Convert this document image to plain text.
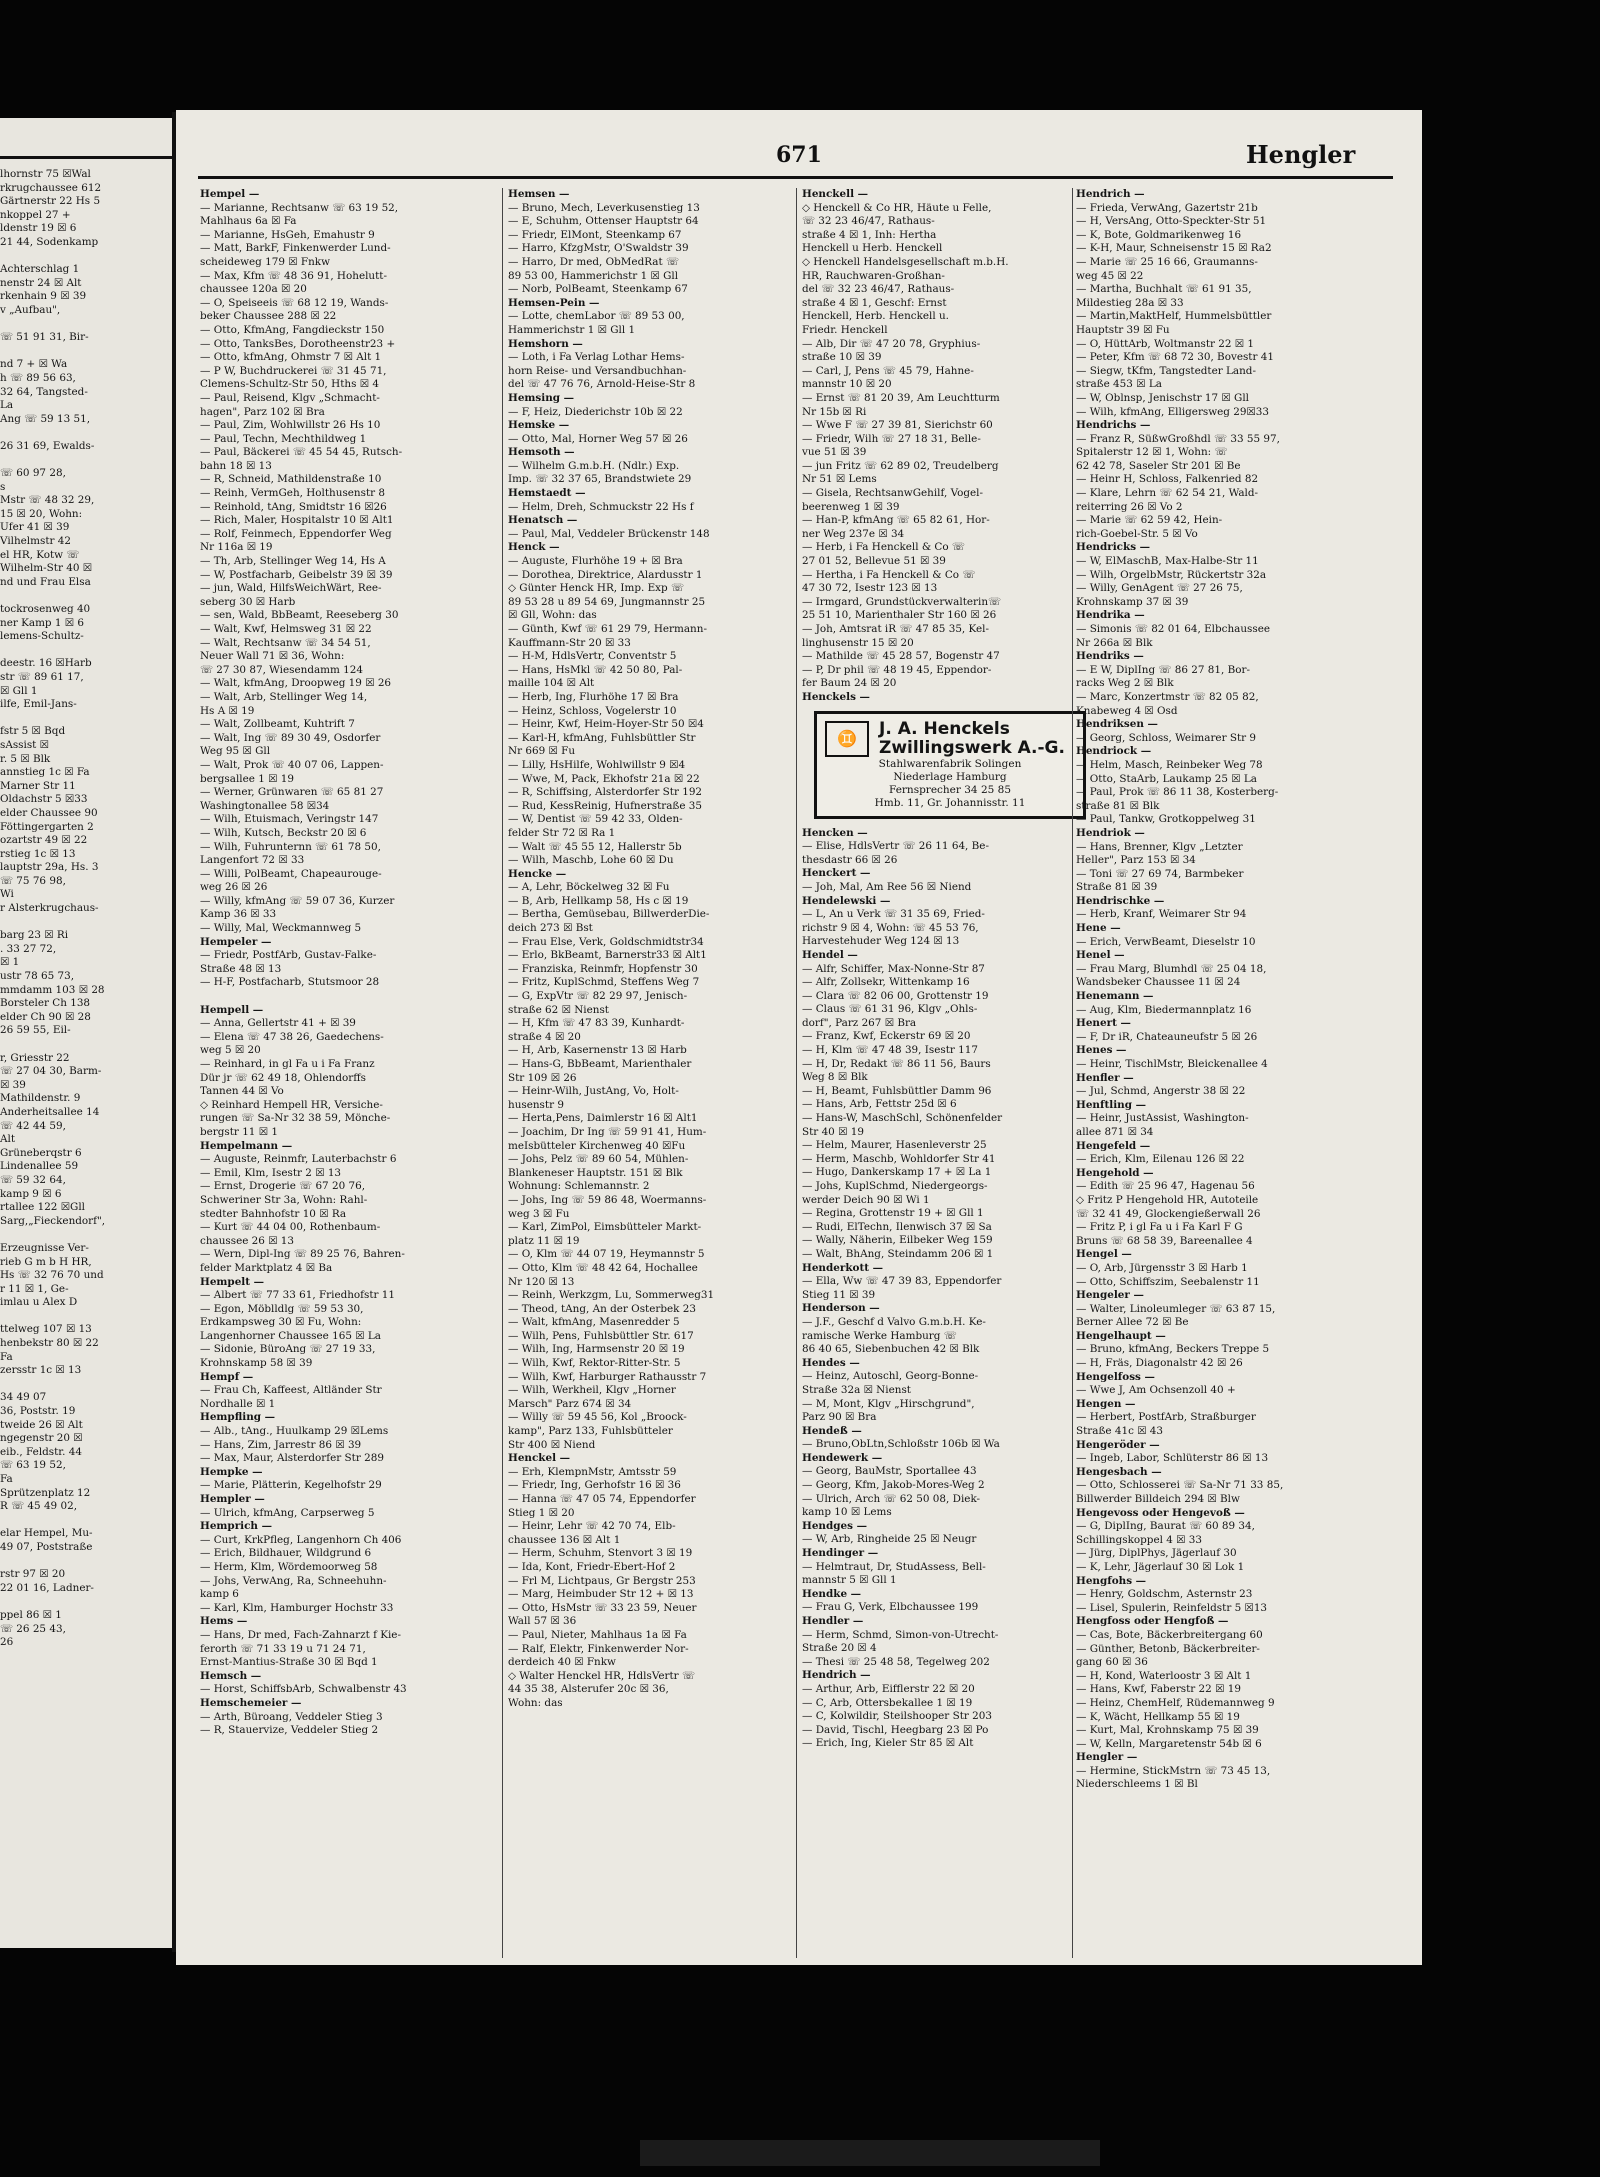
lhornstr 75 ☒Wal
rkrugchaussee 612
Gärtnerstr 22 Hs 5
nkoppel 27 +
ldenstr 19 ☒ 6
21 44, Sodenkamp

Achterschlag 1
nenstr 24 ☒ Alt
rkenhain 9 ☒ 39
v „Aufbau",

☏ 51 91 31, Bir-

nd 7 + ☒ Wa
h ☏ 89 56 63,
32 64, Tangsted-
La
Ang ☏ 59 13 51,

26 31 69, Ewalds-

☏ 60 97 28,
s
Mstr ☏ 48 32 29,
15 ☒ 20, Wohn:
Ufer 41 ☒ 39
Vilhelmstr 42
el HR, Kotw ☏
Wilhelm-Str 40 ☒
nd und Frau Elsa

tockrosenweg 40
ner Kamp 1 ☒ 6
lemens-Schultz-

deestr. 16 ☒Harb
str ☏ 89 61 17,
☒ Gll 1
ilfe, Emil-Jans-

fstr 5 ☒ Bqd
sAssist ☒
r. 5 ☒ Blk
annstieg 1c ☒ Fa
Marner Str 11
Oldachstr 5 ☒33
elder Chaussee 90
Föttingergarten 2
ozartstr 49 ☒ 22
rstieg 1c ☒ 13
lauptstr 29a, Hs. 3
☏ 75 76 98,
Wi
r Alsterkrugchaus-

barg 23 ☒ Ri
. 33 27 72,
☒ 1
ustr 78 65 73,
mmdamm 103 ☒ 28
Borsteler Ch 138
elder Ch 90 ☒ 28
26 59 55, Eil-

r, Griesstr 22
☏ 27 04 30, Barm-
☒ 39
Mathildenstr. 9
Anderheitsallee 14
☏ 42 44 59,
Alt
Grüneberqstr 6
Lindenallee 59
☏ 59 32 64,
kamp 9 ☒ 6
rtallee 122 ☒Gll
Sarg,„Fieckendorf",

Erzeugnisse Ver-
rieb G m b H HR,
Hs ☏ 32 76 70 und
r 11 ☒ 1, Ge-
imlau u Alex D

ttelweg 107 ☒ 13
henbekstr 80 ☒ 22
Fa
zersstr 1c ☒ 13

34 49 07
36, Poststr. 19
tweide 26 ☒ Alt
ngegenstr 20 ☒
eib., Feldstr. 44
☏ 63 19 52,
Fa
Sprützenplatz 12
R ☏ 45 49 02,

elar Hempel, Mu-
49 07, Poststraße

rstr 97 ☒ 20
22 01 16, Ladner-

ppel 86 ☒ 1
☏ 26 25 43,
26
671	Hengler
Hempel —
— Marianne, Rechtsanw ☏ 63 19 52,
Mahlhaus 6a ☒ Fa
— Marianne, HsGeh, Emahustr 9
— Matt, BarkF, Finkenwerder Lund-
scheideweg 179 ☒ Fnkw
— Max, Kfm ☏ 48 36 91, Hohelutt-
chaussee 120a ☒ 20
— O, Speiseeis ☏ 68 12 19, Wands-
beker Chaussee 288 ☒ 22
— Otto, KfmAng, Fangdieckstr 150
— Otto, TanksBes, Dorotheenstr23 +
— Otto, kfmAng, Ohmstr 7 ☒ Alt 1
— P W, Buchdruckerei ☏ 31 45 71,
Clemens-Schultz-Str 50, Hths ☒ 4
— Paul, Reisend, Klgv „Schmacht-
hagen", Parz 102 ☒ Bra
— Paul, Zim, Wohlwillstr 26 Hs 10
— Paul, Techn, Mechthildweg 1
— Paul, Bäckerei ☏ 45 54 45, Rutsch-
bahn 18 ☒ 13
— R, Schneid, Mathildenstraße 10
— Reinh, VermGeh, Holthusenstr 8
— Reinhold, tAng, Smidtstr 16 ☒26
— Rich, Maler, Hospitalstr 10 ☒ Alt1
— Rolf, Feinmech, Eppendorfer Weg
Nr 116a ☒ 19
— Th, Arb, Stellinger Weg 14, Hs A
— W, Postfacharb, Geibelstr 39 ☒ 39
— jun, Wald, HilfsWeichWärt, Ree-
seberg 30 ☒ Harb
— sen, Wald, BbBeamt, Reeseberg 30
— Walt, Kwf, Helmsweg 31 ☒ 22
— Walt, Rechtsanw ☏ 34 54 51,
Neuer Wall 71 ☒ 36, Wohn:
☏ 27 30 87, Wiesendamm 124
— Walt, kfmAng, Droopweg 19 ☒ 26
— Walt, Arb, Stellinger Weg 14,
Hs A ☒ 19
— Walt, Zollbeamt, Kuhtrift 7
— Walt, Ing ☏ 89 30 49, Osdorfer
Weg 95 ☒ Gll
— Walt, Prok ☏ 40 07 06, Lappen-
bergsallee 1 ☒ 19
— Werner, Grünwaren ☏ 65 81 27
Washingtonallee 58 ☒34
— Wilh, Etuismach, Veringstr 147
— Wilh, Kutsch, Beckstr 20 ☒ 6
— Wilh, Fuhrunternn ☏ 61 78 50,
Langenfort 72 ☒ 33
— Willi, PolBeamt, Chapeaurouge-
weg 26 ☒ 26
— Willy, kfmAng ☏ 59 07 36, Kurzer
Kamp 36 ☒ 33
— Willy, Mal, Weckmannweg 5
Hempeler —
— Friedr, PostfArb, Gustav-Falke-
Straße 48 ☒ 13
— H-F, Postfacharb, Stutsmoor 28

Hempell —
— Anna, Gellertstr 41 + ☒ 39
— Elena ☏ 47 38 26, Gaedechens-
weg 5 ☒ 20
— Reinhard, in gl Fa u i Fa Franz
Dür jr ☏ 62 49 18, Ohlendorffs
Tannen 44 ☒ Vo
◇ Reinhard Hempell HR, Versiche-
rungen ☏ Sa-Nr 32 38 59, Mönche-
bergstr 11 ☒ 1
Hempelmann —
— Auguste, Reinmfr, Lauterbachstr 6
— Emil, Klm, Isestr 2 ☒ 13
— Ernst, Drogerie ☏ 67 20 76,
Schweriner Str 3a, Wohn: Rahl-
stedter Bahnhofstr 10 ☒ Ra
— Kurt ☏ 44 04 00, Rothenbaum-
chaussee 26 ☒ 13
— Wern, Dipl-Ing ☏ 89 25 76, Bahren-
felder Marktplatz 4 ☒ Ba
Hempelt —
— Albert ☏ 77 33 61, Friedhofstr 11
— Egon, Möblldlg ☏ 59 53 30,
Erdkampsweg 30 ☒ Fu, Wohn:
Langenhorner Chaussee 165 ☒ La
— Sidonie, BüroAng ☏ 27 19 33,
Krohnskamp 58 ☒ 39
Hempf —
— Frau Ch, Kaffeest, Altländer Str
Nordhalle ☒ 1
Hempfling —
— Alb., tAng., Huulkamp 29 ☒Lems
— Hans, Zim, Jarrestr 86 ☒ 39
— Max, Maur, Alsterdorfer Str 289
Hempke —
— Marie, Plätterin, Kegelhofstr 29
Hempler —
— Ulrich, kfmAng, Carpserweg 5
Hemprich —
— Curt, KrkPfleg, Langenhorn Ch 406
— Erich, Bildhauer, Wildgrund 6
— Herm, Klm, Wördemoorweg 58
— Johs, VerwAng, Ra, Schneehuhn-
kamp 6
— Karl, Klm, Hamburger Hochstr 33
Hems —
— Hans, Dr med, Fach-Zahnarzt f Kie-
ferorth ☏ 71 33 19 u 71 24 71,
Ernst-Mantius-Straße 30 ☒ Bqd 1
Hemsch —
— Horst, SchiffsbArb, Schwalbenstr 43
Hemschemeier —
— Arth, Büroang, Veddeler Stieg 3
— R, Stauervize, Veddeler Stieg 2
Hemsen —
— Bruno, Mech, Leverkusenstieg 13
— E, Schuhm, Ottenser Hauptstr 64
— Friedr, ElMont, Steenkamp 67
— Harro, KfzgMstr, O'Swaldstr 39
— Harro, Dr med, ObMedRat ☏
89 53 00, Hammerichstr 1 ☒ Gll
— Norb, PolBeamt, Steenkamp 67
Hemsen-Pein —
— Lotte, chemLabor ☏ 89 53 00,
Hammerichstr 1 ☒ Gll 1
Hemshorn —
— Loth, i Fa Verlag Lothar Hems-
horn Reise- und Versandbuchhan-
del ☏ 47 76 76, Arnold-Heise-Str 8
Hemsing —
— F, Heiz, Diederichstr 10b ☒ 22
Hemske —
— Otto, Mal, Horner Weg 57 ☒ 26
Hemsoth —
— Wilhelm G.m.b.H. (Ndlr.) Exp.
Imp. ☏ 32 37 65, Brandstwiete 29
Hemstaedt —
— Helm, Dreh, Schmuckstr 22 Hs f
Henatsch —
— Paul, Mal, Veddeler Brückenstr 148
Henck —
— Auguste, Flurhöhe 19 + ☒ Bra
— Dorothea, Direktrice, Alardusstr 1
◇ Günter Henck HR, Imp. Exp ☏
89 53 28 u 89 54 69, Jungmannstr 25
☒ Gll, Wohn: das
— Günth, Kwf ☏ 61 29 79, Hermann-
Kauffmann-Str 20 ☒ 33
— H-M, HdlsVertr, Conventstr 5
— Hans, HsMkl ☏ 42 50 80, Pal-
maille 104 ☒ Alt
— Herb, Ing, Flurhöhe 17 ☒ Bra
— Heinz, Schloss, Vogelerstr 10
— Heinr, Kwf, Heim-Hoyer-Str 50 ☒4
— Karl-H, kfmAng, Fuhlsbüttler Str
Nr 669 ☒ Fu
— Lilly, HsHilfe, Wohlwillstr 9 ☒4
— Wwe, M, Pack, Ekhofstr 21a ☒ 22
— R, Schiffsing, Alsterdorfer Str 192
— Rud, KessReinig, Hufnerstraße 35
— W, Dentist ☏ 59 42 33, Olden-
felder Str 72 ☒ Ra 1
— Walt ☏ 45 55 12, Hallerstr 5b
— Wilh, Maschb, Lohe 60 ☒ Du
Hencke —
— A, Lehr, Böckelweg 32 ☒ Fu
— B, Arb, Hellkamp 58, Hs c ☒ 19
— Bertha, Gemüsebau, BillwerderDie-
deich 273 ☒ Bst
— Frau Else, Verk, Goldschmidtstr34
— Erlo, BkBeamt, Barnerstr33 ☒ Alt1
— Franziska, Reinmfr, Hopfenstr 30
— Fritz, KuplSchmd, Steffens Weg 7
— G, ExpVtr ☏ 82 29 97, Jenisch-
straße 62 ☒ Nienst
— H, Kfm ☏ 47 83 39, Kunhardt-
straße 4 ☒ 20
— H, Arb, Kasernenstr 13 ☒ Harb
— Hans-G, BbBeamt, Marienthaler
Str 109 ☒ 26
— Heinr-Wilh, JustAng, Vo, Holt-
husenstr 9
— Herta,Pens, Daimlerstr 16 ☒ Alt1
— Joachim, Dr Ing ☏ 59 91 41, Hum-
meIsbütteler Kirchenweg 40 ☒Fu
— Johs, Pelz ☏ 89 60 54, Mühlen-
Blankeneser Hauptstr. 151 ☒ Blk
Wohnung: Schlemannstr. 2
— Johs, Ing ☏ 59 86 48, Woermanns-
weg 3 ☒ Fu
— Karl, ZimPol, Eimsbütteler Markt-
platz 11 ☒ 19
— O, Klm ☏ 44 07 19, Heymannstr 5
— Otto, Klm ☏ 48 42 64, Hochallee
Nr 120 ☒ 13
— Reinh, Werkzgm, Lu, Sommerweg31
— Theod, tAng, An der Osterbek 23
— Walt, kfmAng, Masenredder 5
— Wilh, Pens, Fuhlsbüttler Str. 617
— Wilh, Ing, Harmsenstr 20 ☒ 19
— Wilh, Kwf, Rektor-Ritter-Str. 5
— Wilh, Kwf, Harburger Rathausstr 7
— Wilh, Werkheil, Klgv „Horner
Marsch" Parz 674 ☒ 34
— Willy ☏ 59 45 56, Kol „Broock-
kamp", Parz 133, Fuhlsbütteler
Str 400 ☒ Niend
Henckel —
— Erh, KlempnMstr, Amtsstr 59
— Friedr, Ing, Gerhofstr 16 ☒ 36
— Hanna ☏ 47 05 74, Eppendorfer
Stieg 1 ☒ 20
— Heinr, Lehr ☏ 42 70 74, Elb-
chaussee 136 ☒ Alt 1
— Herm, Schuhm, Stenvort 3 ☒ 19
— Ida, Kont, Friedr-Ebert-Hof 2
— Frl M, Lichtpaus, Gr Bergstr 253
— Marg, Heimbuder Str 12 + ☒ 13
— Otto, HsMstr ☏ 33 23 59, Neuer
Wall 57 ☒ 36
— Paul, Nieter, Mahlhaus 1a ☒ Fa
— Ralf, Elektr, Finkenwerder Nor-
derdeich 40 ☒ Fnkw
◇ Walter Henckel HR, HdlsVertr ☏
44 35 38, Alsterufer 20c ☒ 36,
Wohn: das
Henckell —
◇ Henckell & Co HR, Häute u Felle,
☏ 32 23 46/47, Rathaus-
straße 4 ☒ 1, Inh: Hertha
Henckell u Herb. Henckell
◇ Henckell Handelsgesellschaft m.b.H.
HR, Rauchwaren-Großhan-
del ☏ 32 23 46/47, Rathaus-
straße 4 ☒ 1, Geschf: Ernst
Henckell, Herb. Henckell u.
Friedr. Henckell
— Alb, Dir ☏ 47 20 78, Gryphius-
straße 10 ☒ 39
— Carl, J, Pens ☏ 45 79, Hahne-
mannstr 10 ☒ 20
— Ernst ☏ 81 20 39, Am Leuchtturm
Nr 15b ☒ Ri
— Wwe F ☏ 27 39 81, Sierichstr 60
— Friedr, Wilh ☏ 27 18 31, Belle-
vue 51 ☒ 39
— jun Fritz ☏ 62 89 02, Treudelberg
Nr 51 ☒ Lems
— Gisela, RechtsanwGehilf, Vogel-
beerenweg 1 ☒ 39
— Han-P, kfmAng ☏ 65 82 61, Hor-
ner Weg 237e ☒ 34
— Herb, i Fa Henckell & Co ☏
27 01 52, Bellevue 51 ☒ 39
— Hertha, i Fa Henckell & Co ☏
47 30 72, Isestr 123 ☒ 13
— Irmgard, Grundstückverwalterin☏
25 51 10, Marienthaler Str 160 ☒ 26
— Joh, Amtsrat iR ☏ 47 85 35, Kel-
linghusenstr 15 ☒ 20
— Mathilde ☏ 45 28 57, Bogenstr 47
— P, Dr phil ☏ 48 19 45, Eppendor-
fer Baum 24 ☒ 20
Henckels —
♊	J. A. Henckels
Zwillingswerk A.-G.
Stahlwarenfabrik Solingen
Niederlage Hamburg
Fernsprecher 34 25 85
Hmb. 11, Gr. Johannisstr. 11
Hencken —
— Elise, HdlsVertr ☏ 26 11 64, Be-
thesdastr 66 ☒ 26
Henckert —
— Joh, Mal, Am Ree 56 ☒ Niend
Hendelewski —
— L, An u Verk ☏ 31 35 69, Fried-
richstr 9 ☒ 4, Wohn: ☏ 45 53 76,
Harvestehuder Weg 124 ☒ 13
Hendel —
— Alfr, Schiffer, Max-Nonne-Str 87
— Alfr, Zollsekr, Wittenkamp 16
— Clara ☏ 82 06 00, Grottenstr 19
— Claus ☏ 61 31 96, Klgv „Ohls-
dorf", Parz 267 ☒ Bra
— Franz, Kwf, Eckerstr 69 ☒ 20
— H, Klm ☏ 47 48 39, Isestr 117
— H, Dr, Redakt ☏ 86 11 56, Baurs
Weg 8 ☒ Blk
— H, Beamt, Fuhlsbüttler Damm 96
— Hans, Arb, Fettstr 25d ☒ 6
— Hans-W, MaschSchl, Schönenfelder
Str 40 ☒ 19
— Helm, Maurer, Hasenleverstr 25
— Herm, Maschb, Wohldorfer Str 41
— Hugo, Dankerskamp 17 + ☒ La 1
— Johs, KuplSchmd, Niedergeorgs-
werder Deich 90 ☒ Wi 1
— Regina, Grottenstr 19 + ☒ Gll 1
— Rudi, ElTechn, Ilenwisch 37 ☒ Sa
— Wally, Näherin, Eilbeker Weg 159
— Walt, BhAng, Steindamm 206 ☒ 1
Henderkott —
— Ella, Ww ☏ 47 39 83, Eppendorfer
Stieg 11 ☒ 39
Henderson —
— J.F., Geschf d Valvo G.m.b.H. Ke-
ramische Werke Hamburg ☏
86 40 65, Siebenbuchen 42 ☒ Blk
Hendes —
— Heinz, Autoschl, Georg-Bonne-
Straße 32a ☒ Nienst
— M, Mont, Klgv „Hirschgrund",
Parz 90 ☒ Bra
Hendeß —
— Bruno,ObLtn,Schloßstr 106b ☒ Wa
Hendewerk —
— Georg, BauMstr, Sportallee 43
— Georg, Kfm, Jakob-Mores-Weg 2
— Ulrich, Arch ☏ 62 50 08, Diek-
kamp 10 ☒ Lems
Hendges —
— W, Arb, Ringheide 25 ☒ Neugr
Hendinger —
— Helmtraut, Dr, StudAssess, Bell-
mannstr 5 ☒ Gll 1
Hendke —
— Frau G, Verk, Elbchaussee 199
Hendler —
— Herm, Schmd, Simon-von-Utrecht-
Straße 20 ☒ 4
— Thesi ☏ 25 48 58, Tegelweg 202
Hendrich —
— Arthur, Arb, Eifflerstr 22 ☒ 20
— C, Arb, Ottersbekallee 1 ☒ 19
— C, Kolwildir, Steilshooper Str 203
— David, Tischl, Heegbarg 23 ☒ Po
— Erich, Ing, Kieler Str 85 ☒ Alt
Hendrich —
— Frieda, VerwAng, Gazertstr 21b
— H, VersAng, Otto-Speckter-Str 51
— K, Bote, Goldmarikenweg 16
— K-H, Maur, Schneisenstr 15 ☒ Ra2
— Marie ☏ 25 16 66, Graumanns-
weg 45 ☒ 22
— Martha, Buchhalt ☏ 61 91 35,
Mildestieg 28a ☒ 33
— Martin,MaktHelf, Hummelsbüttler
Hauptstr 39 ☒ Fu
— O, HüttArb, Woltmanstr 22 ☒ 1
— Peter, Kfm ☏ 68 72 30, Bovestr 41
— Siegw, tKfm, Tangstedter Land-
straße 453 ☒ La
— W, Oblnsp, Jenischstr 17 ☒ Gll
— Wilh, kfmAng, Elligersweg 29☒33
Hendrichs —
— Franz R, SüßwGroßhdl ☏ 33 55 97,
Spitalerstr 12 ☒ 1, Wohn: ☏
62 42 78, Saseler Str 201 ☒ Be
— Heinr H, Schloss, Falkenried 82
— Klare, Lehrn ☏ 62 54 21, Wald-
reiterring 26 ☒ Vo 2
— Marie ☏ 62 59 42, Hein-
rich-Goebel-Str. 5 ☒ Vo
Hendricks —
— W, ElMaschB, Max-Halbe-Str 11
— Wilh, OrgelbMstr, Rückertstr 32a
— Willy, GenAgent ☏ 27 26 75,
Krohnskamp 37 ☒ 39
Hendrika —
— Simonis ☏ 82 01 64, Elbchaussee
Nr 266a ☒ Blk
Hendriks —
— E W, DiplIng ☏ 86 27 81, Bor-
racks Weg 2 ☒ Blk
— Marc, Konzertmstr ☏ 82 05 82,
Knabeweg 4 ☒ Osd
Hendriksen —
— Georg, Schloss, Weimarer Str 9
Hendriock —
— Helm, Masch, Reinbeker Weg 78
— Otto, StaArb, Laukamp 25 ☒ La
— Paul, Prok ☏ 86 11 38, Kosterberg-
straße 81 ☒ Blk
— Paul, Tankw, Grotkoppelweg 31
Hendriok —
— Hans, Brenner, Klgv „Letzter
Heller", Parz 153 ☒ 34
— Toni ☏ 27 69 74, Barmbeker
Straße 81 ☒ 39
Hendrischke —
— Herb, Kranf, Weimarer Str 94
Hene —
— Erich, VerwBeamt, Dieselstr 10
Henel —
— Frau Marg, Blumhdl ☏ 25 04 18,
Wandsbeker Chaussee 11 ☒ 24
Henemann —
— Aug, Klm, Biedermannplatz 16
Henert —
— F, Dr iR, Chateauneufstr 5 ☒ 26
Henes —
— Heinr, TischlMstr, Bleickenallee 4
Henfler —
— Jul, Schmd, Angerstr 38 ☒ 22
Henftling —
— Heinr, JustAssist, Washington-
allee 871 ☒ 34
Hengefeld —
— Erich, Klm, Eilenau 126 ☒ 22
Hengehold —
— Edith ☏ 25 96 47, Hagenau 56
◇ Fritz P Hengehold HR, Autoteile
☏ 32 41 49, Glockengießerwall 26
— Fritz P, i gl Fa u i Fa Karl F G
Bruns ☏ 68 58 39, Bareenallee 4
Hengel —
— O, Arb, Jürgensstr 3 ☒ Harb 1
— Otto, Schiffszim, Seebalenstr 11
Hengeler —
— Walter, Linoleumleger ☏ 63 87 15,
Berner Allee 72 ☒ Be
Hengelhaupt —
— Bruno, kfmAng, Beckers Treppe 5
— H, Fräs, Diagonalstr 42 ☒ 26
Hengelfoss —
— Wwe J, Am Ochsenzoll 40 +
Hengen —
— Herbert, PostfArb, Straßburger
Straße 41c ☒ 43
Hengeröder —
— Ingeb, Labor, Schlüterstr 86 ☒ 13
Hengesbach —
— Otto, Schlosserei ☏ Sa-Nr 71 33 85,
Billwerder Billdeich 294 ☒ Blw
Hengevoss oder Hengevoß —
— G, DiplIng, Baurat ☏ 60 89 34,
Schillingskoppel 4 ☒ 33
— Jürg, DiplPhys, Jägerlauf 30
— K, Lehr, Jägerlauf 30 ☒ Lok 1
Hengfohs —
— Henry, Goldschm, Asternstr 23
— Lisel, Spulerin, Reinfeldstr 5 ☒13
Hengfoss oder Hengfoß —
— Cas, Bote, Bäckerbreitergang 60
— Günther, Betonb, Bäckerbreiter-
gang 60 ☒ 36
— H, Kond, Waterloostr 3 ☒ Alt 1
— Hans, Kwf, Faberstr 22 ☒ 19
— Heinz, ChemHelf, Rüdemannweg 9
— K, Wächt, Hellkamp 55 ☒ 19
— Kurt, Mal, Krohnskamp 75 ☒ 39
— W, Kelln, Margaretenstr 54b ☒ 6
Hengler —
— Hermine, StickMstrn ☏ 73 45 13,
Niederschleems 1 ☒ Bl
